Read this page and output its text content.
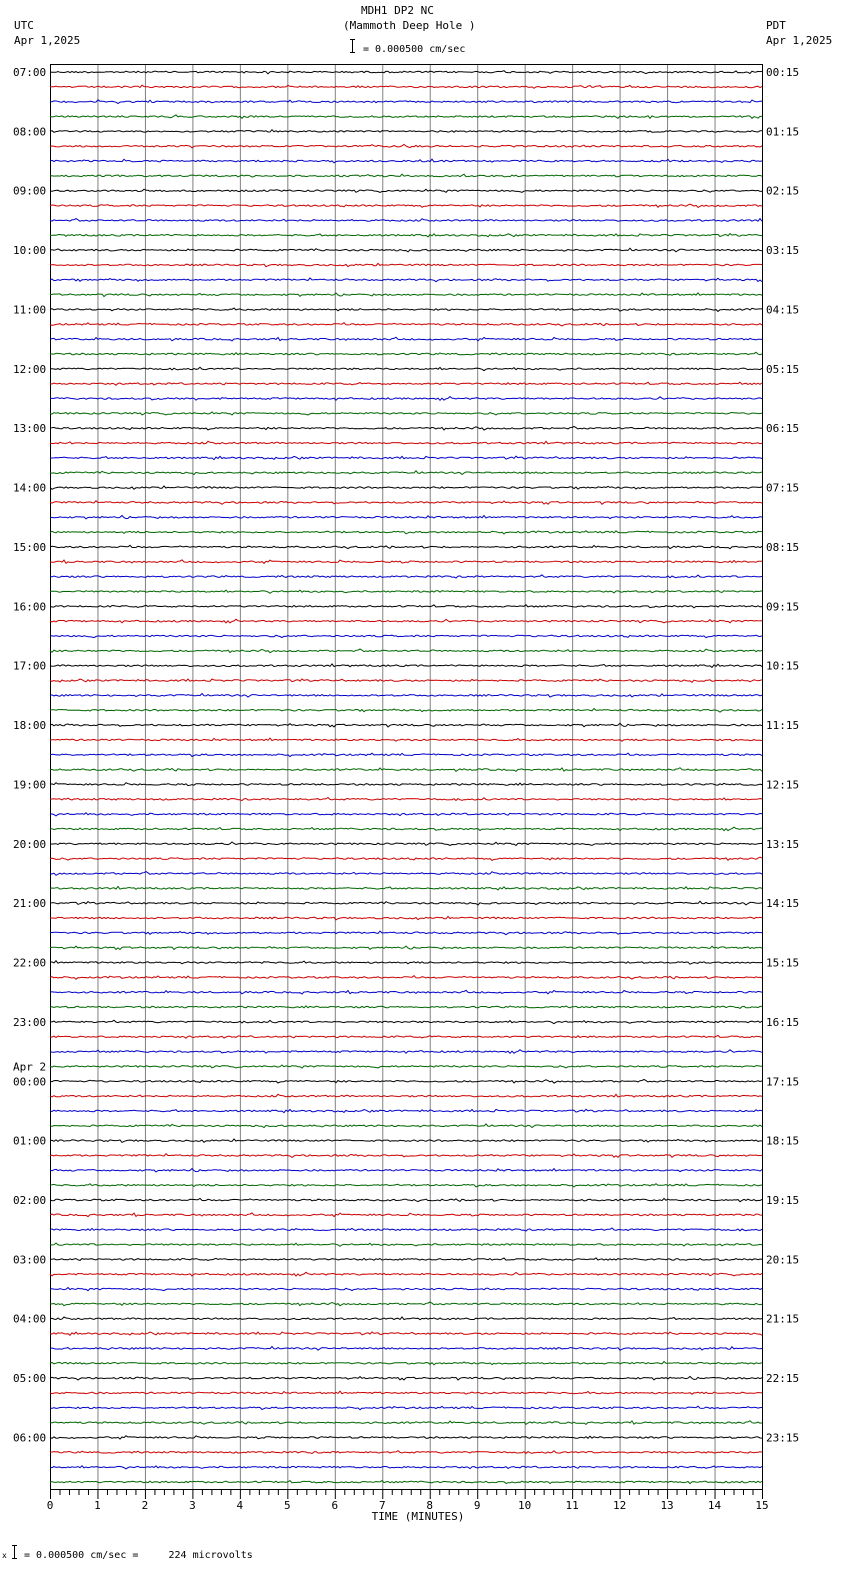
MDH1 DP2 NC
(Mammoth Deep Hole )
= 0.000500 cm/sec
UTC
Apr 1,2025
PDT
Apr 1,2025
07:00	00:15
08:00	01:15
09:00	02:15
10:00	03:15
11:00	04:15
12:00	05:15
13:00	06:15
14:00	07:15
15:00	08:15
16:00	09:15
17:00	10:15
18:00	11:15
19:00	12:15
20:00	13:15
21:00	14:15
22:00	15:15
23:00	16:15
00:00	17:15
01:00	18:15
02:00	19:15
03:00	20:15
04:00	21:15
05:00	22:15
06:00	23:15
Apr 2
0	1	2	3	4	5	6	7	8	9	10	11	12	13	14	15
TIME (MINUTES)
x = 0.000500 cm/sec =     224 microvolts
